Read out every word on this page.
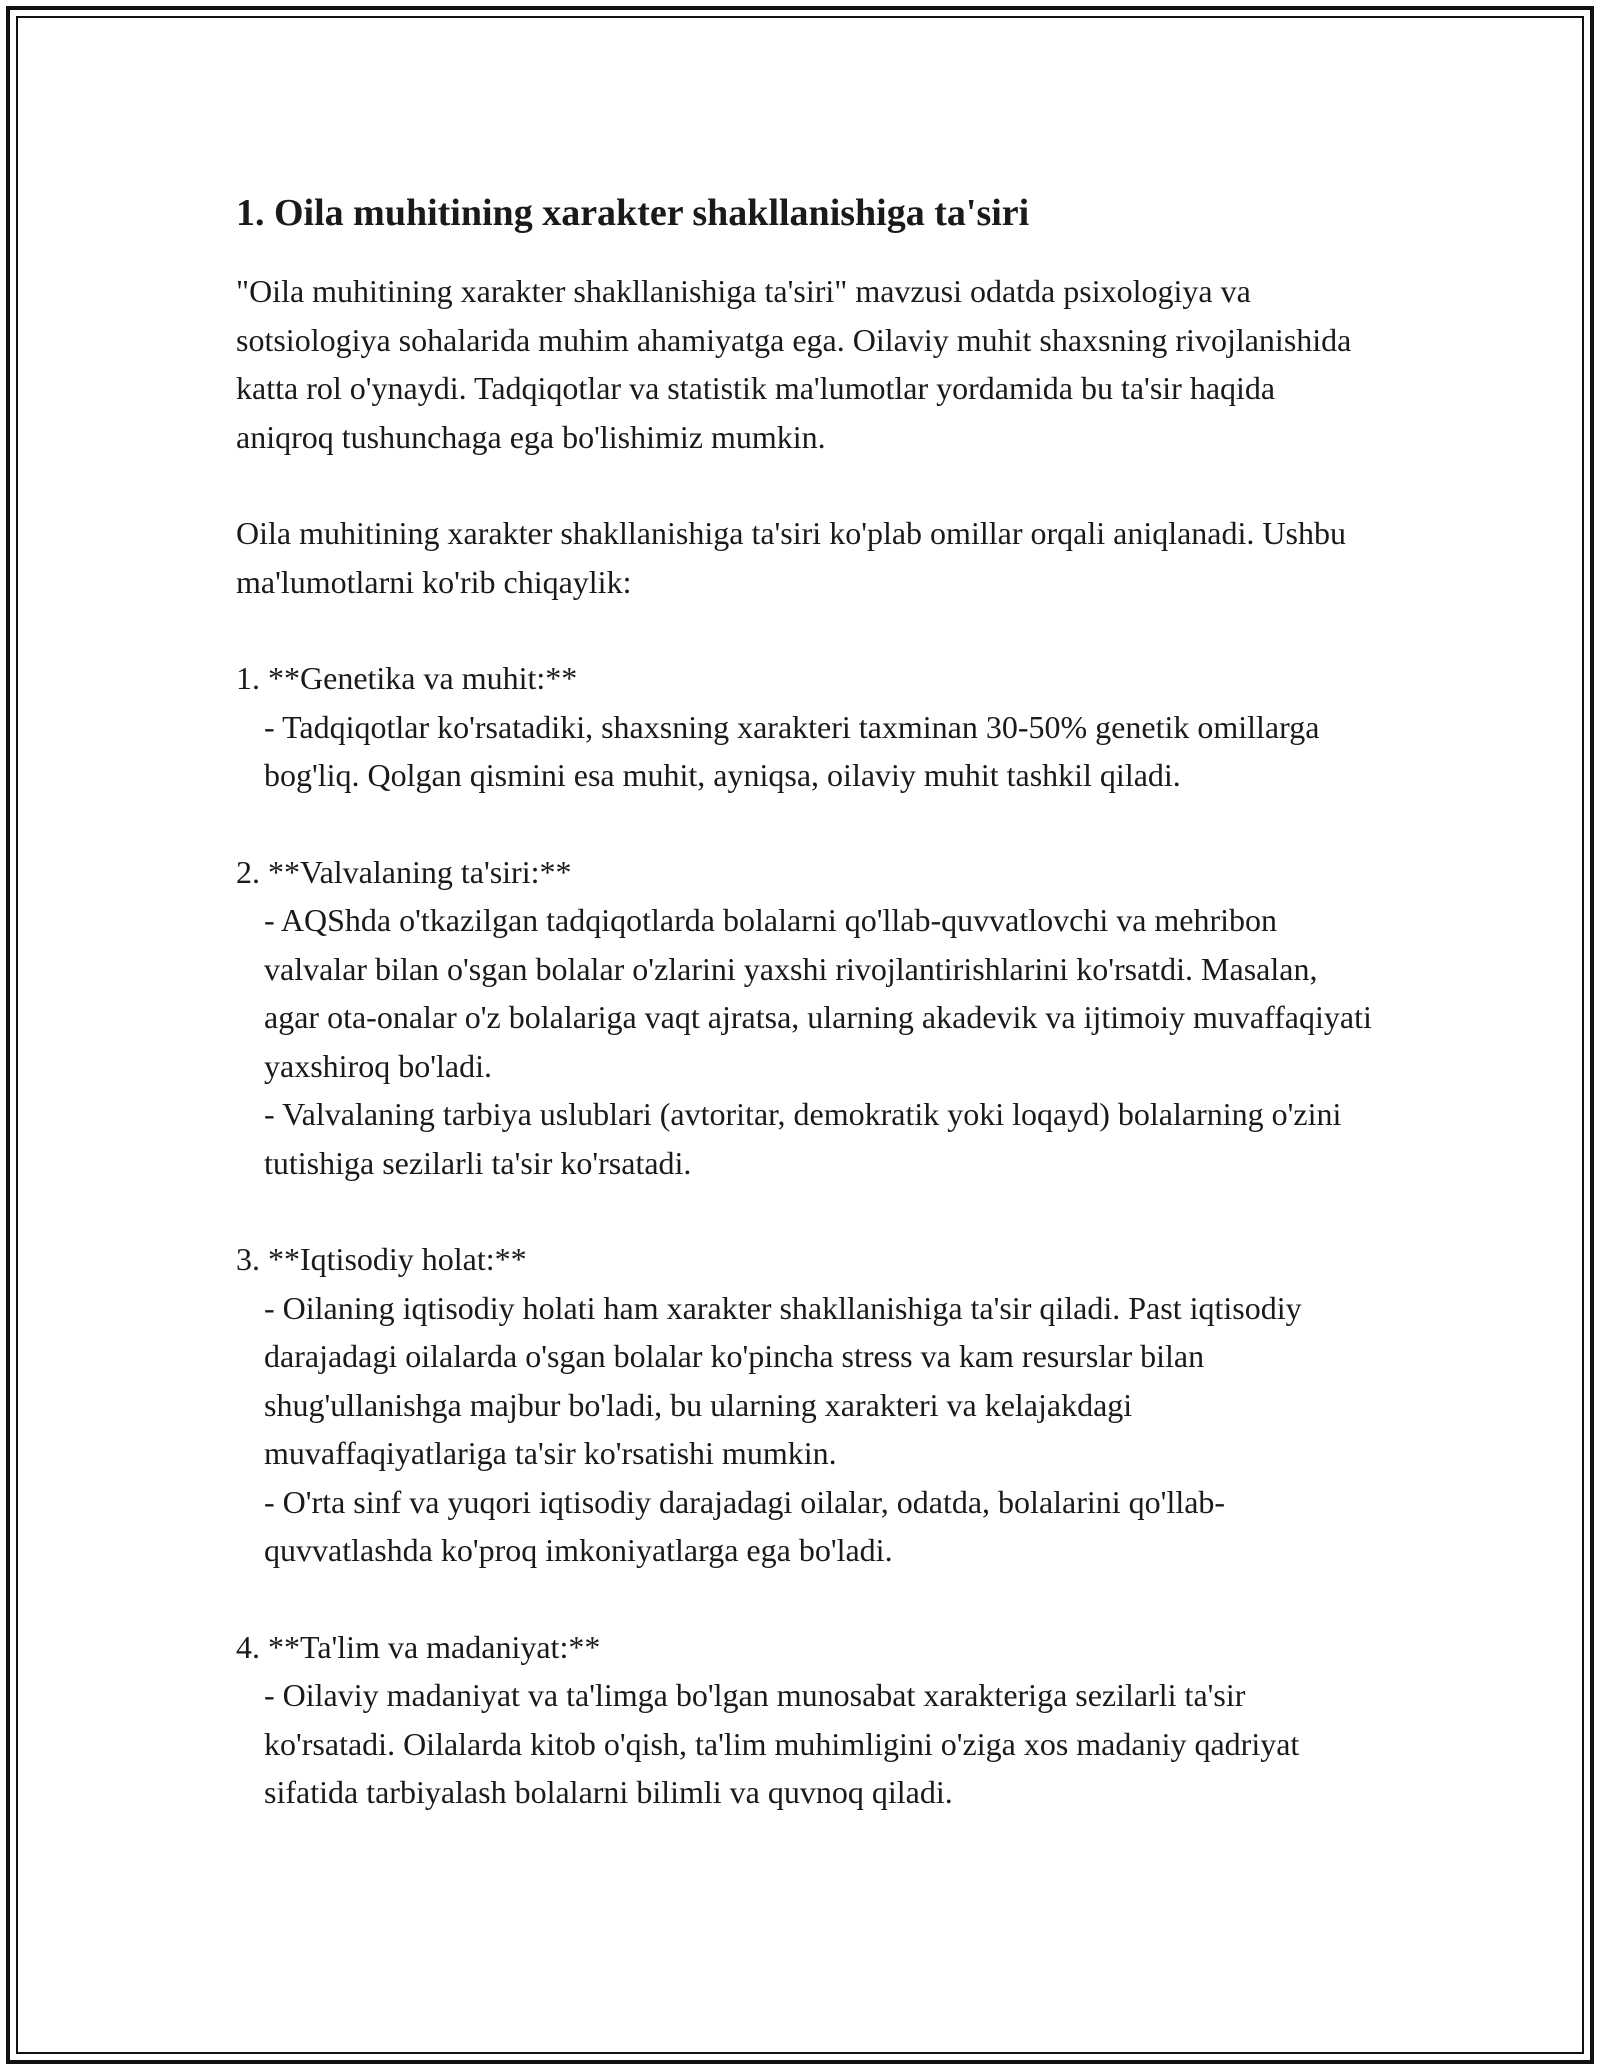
1. Oila muhitining xarakter shakllanishiga ta'siri

"Oila muhitining xarakter shakllanishiga ta'siri" mavzusi odatda psixologiya va sotsiologiya sohalarida muhim ahamiyatga ega. Oilaviy muhit shaxsning rivojlanishida katta rol o'ynaydi. Tadqiqotlar va statistik ma'lumotlar yordamida bu ta'sir haqida aniqroq tushunchaga ega bo'lishimiz mumkin.

Oila muhitining xarakter shakllanishiga ta'siri ko'plab omillar orqali aniqlanadi. Ushbu ma'lumotlarni ko'rib chiqaylik:

1. **Genetika va muhit:**

- Tadqiqotlar ko'rsatadiki, shaxsning xarakteri taxminan 30-50% genetik omillarga bog'liq. Qolgan qismini esa muhit, ayniqsa, oilaviy muhit tashkil qiladi.

2. **Valvalaning ta'siri:**

- AQShda o'tkazilgan tadqiqotlarda bolalarni qo'llab-quvvatlovchi va mehribon valvalar bilan o'sgan bolalar o'zlarini yaxshi rivojlantirishlarini ko'rsatdi. Masalan, agar ota-onalar o'z bolalariga vaqt ajratsa, ularning akadevik va ijtimoiy muvaffaqiyati yaxshiroq bo'ladi.

- Valvalaning tarbiya uslublari (avtoritar, demokratik yoki loqayd) bolalarning o'zini tutishiga sezilarli ta'sir ko'rsatadi.

3. **Iqtisodiy holat:**

- Oilaning iqtisodiy holati ham xarakter shakllanishiga ta'sir qiladi. Past iqtisodiy darajadagi oilalarda o'sgan bolalar ko'pincha stress va kam resurslar bilan shug'ullanishga majbur bo'ladi, bu ularning xarakteri va kelajakdagi muvaffaqiyatlariga ta'sir ko'rsatishi mumkin.

- O'rta sinf va yuqori iqtisodiy darajadagi oilalar, odatda, bolalarini qo'llab-quvvatlashda ko'proq imkoniyatlarga ega bo'ladi.

4. **Ta'lim va madaniyat:**

- Oilaviy madaniyat va ta'limga bo'lgan munosabat xarakteriga sezilarli ta'sir ko'rsatadi. Oilalarda kitob o'qish, ta'lim muhimligini o'ziga xos madaniy qadriyat sifatida tarbiyalash bolalarni bilimli va quvnoq qiladi.
